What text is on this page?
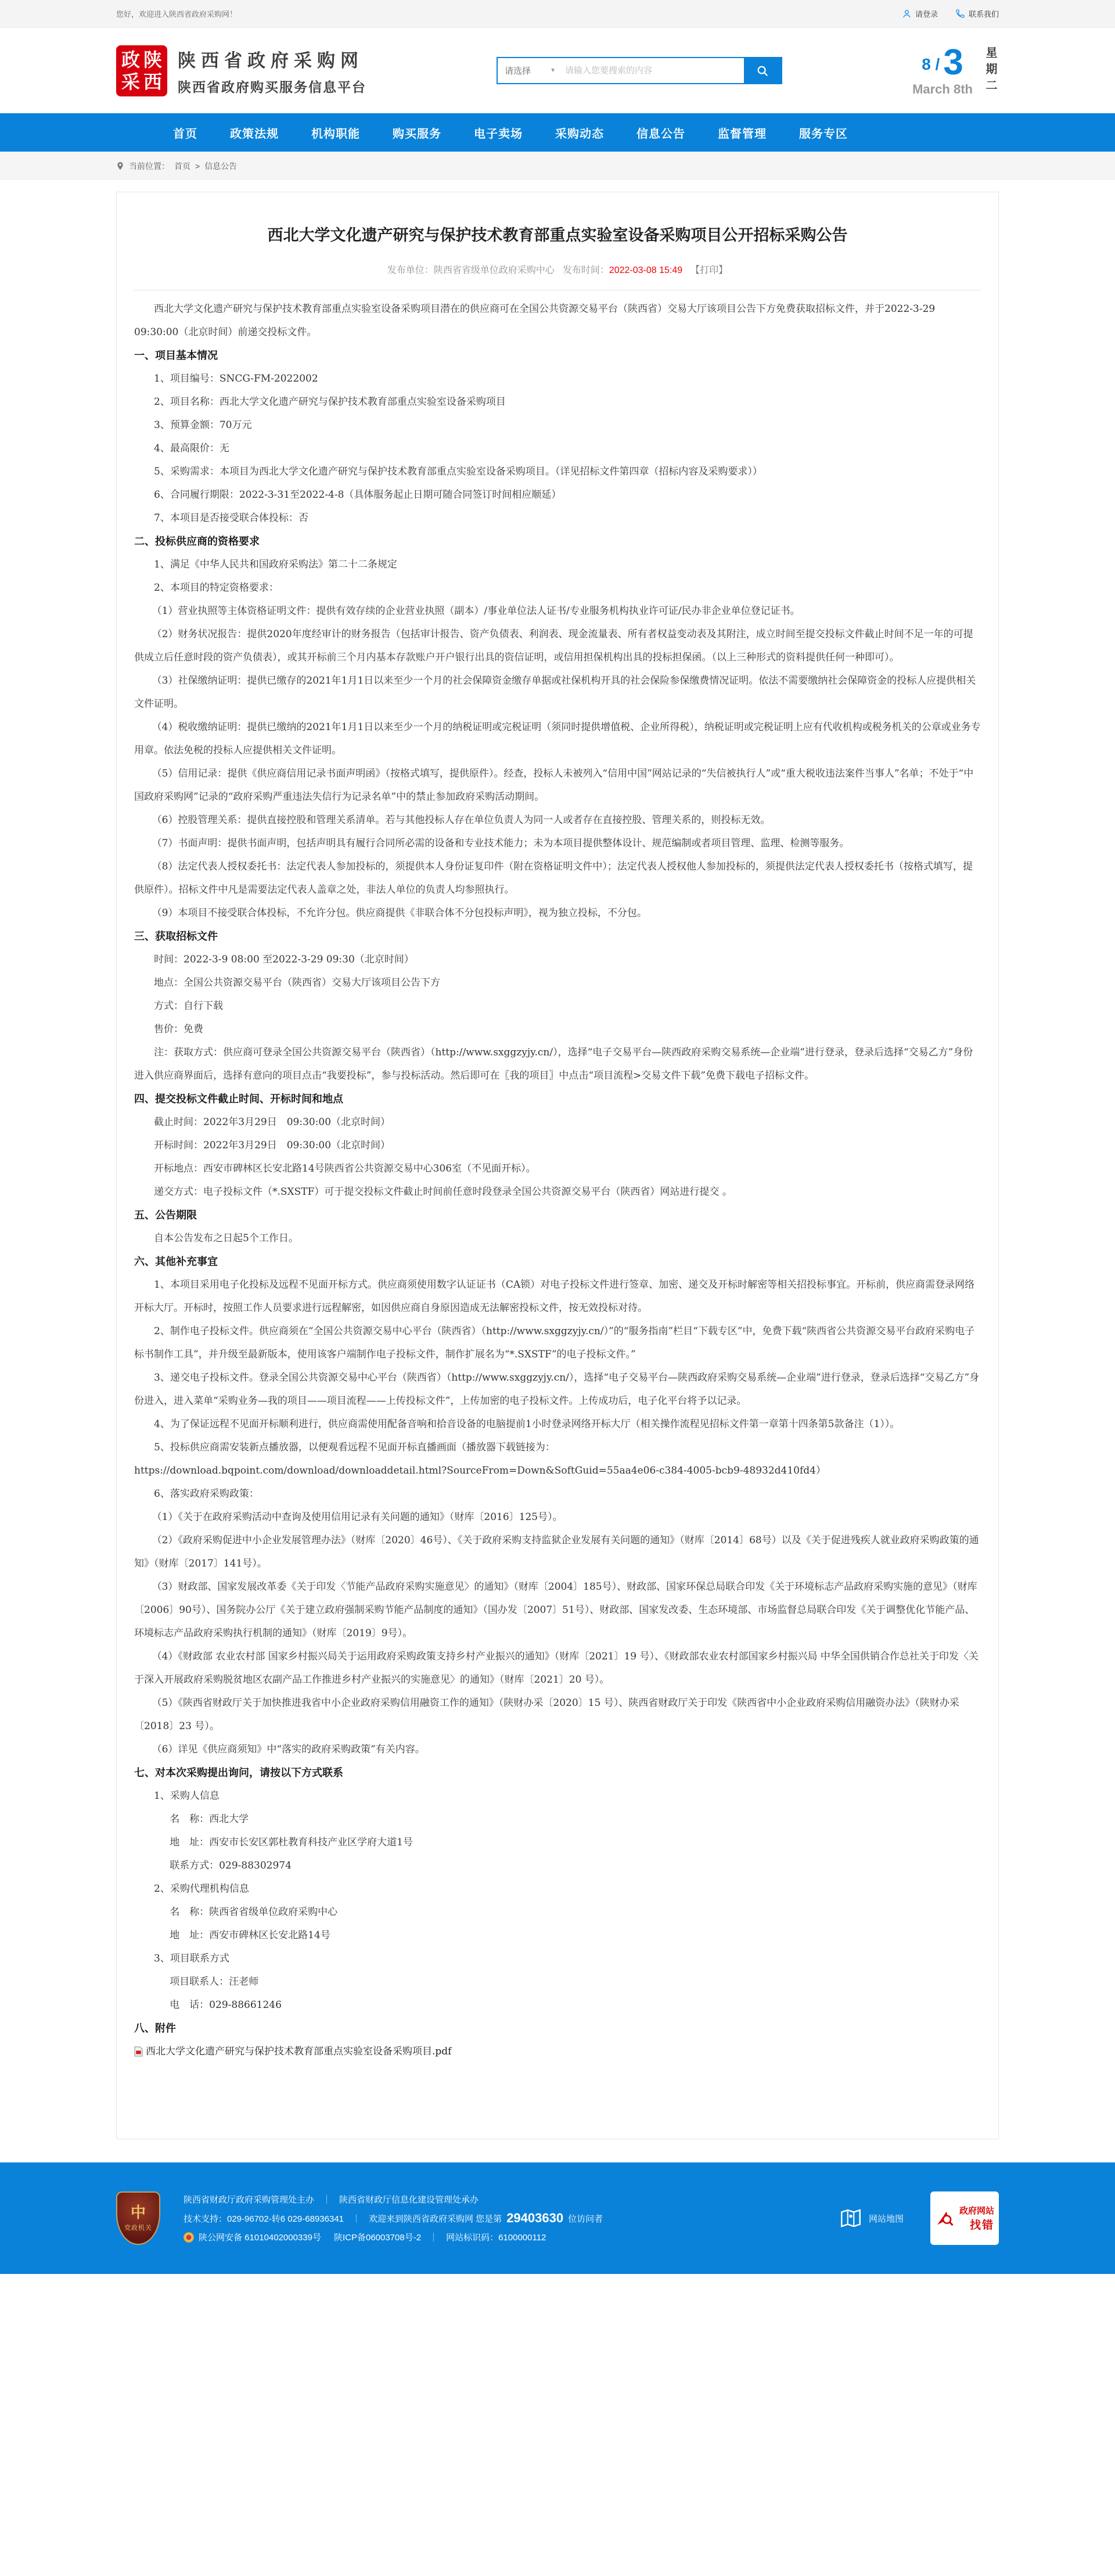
您好，欢迎进入陕西省政府采购网！	请登录	联系我们
政 陕
采 西
陕西省政府采购网
陕西省政府购买服务信息平台
请选择	▼
请输入您要搜索的内容	8 / 3
March 8th 星期二
首页	政策法规	机构职能	购买服务	电子卖场	采购动态	信息公告	监督管理	服务专区
当前位置： 首页 > 信息公告
西北大学文化遗产研究与保护技术教育部重点实验室设备采购项目公开招标采购公告
发布单位：陕西省省级单位政府采购中心 发布时间：2022-03-08 15:49 【打印】

西北大学文化遗产研究与保护技术教育部重点实验室设备采购项目潜在的供应商可在全国公共资源交易平台（陕西省）交易大厅该项目公告下方免费获取招标文件，并于2022-3-29　09:30:00（北京时间）前递交投标文件。

一、项目基本情况

1、项目编号：SNCG-FM-2022002

2、项目名称：西北大学文化遗产研究与保护技术教育部重点实验室设备采购项目

3、预算金额：70万元

4、最高限价：无

5、采购需求：本项目为西北大学文化遗产研究与保护技术教育部重点实验室设备采购项目。（详见招标文件第四章（招标内容及采购要求））

6、合同履行期限：2022-3-31至2022-4-8（具体服务起止日期可随合同签订时间相应顺延）

7、本项目是否接受联合体投标：否

二、投标供应商的资格要求

1、满足《中华人民共和国政府采购法》第二十二条规定

2、本项目的特定资格要求：

（1）营业执照等主体资格证明文件：提供有效存续的企业营业执照（副本）/事业单位法人证书/专业服务机构执业许可证/民办非企业单位登记证书。

（2）财务状况报告：提供2020年度经审计的财务报告（包括审计报告、资产负债表、利润表、现金流量表、所有者权益变动表及其附注，成立时间至提交投标文件截止时间不足一年的可提供成立后任意时段的资产负债表），或其开标前三个月内基本存款账户开户银行出具的资信证明，或信用担保机构出具的投标担保函。（以上三种形式的资料提供任何一种即可）。

（3）社保缴纳证明：提供已缴存的2021年1月1日以来至少一个月的社会保障资金缴存单据或社保机构开具的社会保险参保缴费情况证明。依法不需要缴纳社会保障资金的投标人应提供相关文件证明。

（4）税收缴纳证明：提供已缴纳的2021年1月1日以来至少一个月的纳税证明或完税证明（须同时提供增值税、企业所得税），纳税证明或完税证明上应有代收机构或税务机关的公章或业务专用章。依法免税的投标人应提供相关文件证明。

（5）信用记录：提供《供应商信用记录书面声明函》（按格式填写，提供原件）。经查，投标人未被列入“信用中国”网站记录的“失信被执行人”或“重大税收违法案件当事人”名单；不处于“中国政府采购网”记录的“政府采购严重违法失信行为记录名单”中的禁止参加政府采购活动期间。

（6）控股管理关系：提供直接控股和管理关系清单。若与其他投标人存在单位负责人为同一人或者存在直接控股、管理关系的，则投标无效。

（7）书面声明：提供书面声明，包括声明具有履行合同所必需的设备和专业技术能力；未为本项目提供整体设计、规范编制或者项目管理、监理、检测等服务。

（8）法定代表人授权委托书：法定代表人参加投标的，须提供本人身份证复印件（附在资格证明文件中）；法定代表人授权他人参加投标的，须提供法定代表人授权委托书（按格式填写，提供原件）。招标文件中凡是需要法定代表人盖章之处，非法人单位的负责人均参照执行。

（9）本项目不接受联合体投标，不允许分包。供应商提供《非联合体不分包投标声明》，视为独立投标，不分包。

三、获取招标文件

时间：2022-3-9 08:00 至2022-3-29 09:30（北京时间）

地点：全国公共资源交易平台（陕西省）交易大厅该项目公告下方

方式：自行下载

售价：免费

注：获取方式：供应商可登录全国公共资源交易平台（陕西省）（http://www.sxggzyjy.cn/），选择“电子交易平台—陕西政府采购交易系统—企业端”进行登录，登录后选择“交易乙方”身份进入供应商界面后，选择有意向的项目点击“我要投标”，参与投标活动。然后即可在〖我的项目〗中点击“项目流程>交易文件下载”免费下载电子招标文件。

四、提交投标文件截止时间、开标时间和地点

截止时间：2022年3月29日　09:30:00（北京时间）

开标时间：2022年3月29日　09:30:00（北京时间）

开标地点：西安市碑林区长安北路14号陕西省公共资源交易中心306室（不见面开标）。

递交方式：电子投标文件（*.SXSTF）可于提交投标文件截止时间前任意时段登录全国公共资源交易平台（陕西省）网站进行提交 。

五、公告期限

自本公告发布之日起5个工作日。

六、其他补充事宜

1、本项目采用电子化投标及远程不见面开标方式。供应商须使用数字认证证书（CA锁）对电子投标文件进行签章、加密、递交及开标时解密等相关招投标事宜。开标前，供应商需登录网络开标大厅。开标时，按照工作人员要求进行远程解密，如因供应商自身原因造成无法解密投标文件，按无效投标对待。

2、制作电子投标文件。供应商须在“全国公共资源交易中心平台（陕西省）（http://www.sxggzyjy.cn/）”的“服务指南”栏目“下载专区”中，免费下载“陕西省公共资源交易平台政府采购电子标书制作工具”，并升级至最新版本，使用该客户端制作电子投标文件，制作扩展名为“*.SXSTF”的电子投标文件。”

3、递交电子投标文件。登录全国公共资源交易中心平台（陕西省）（http://www.sxggzyjy.cn/），选择“电子交易平台—陕西政府采购交易系统—企业端”进行登录，登录后选择“交易乙方”身份进入，进入菜单“采购业务—我的项目——项目流程——上传投标文件”，上传加密的电子投标文件。上传成功后，电子化平台将予以记录。

4、为了保证远程不见面开标顺利进行，供应商需使用配备音响和拾音设备的电脑提前1小时登录网络开标大厅（相关操作流程见招标文件第一章第十四条第5款备注（1））。

5、投标供应商需安装新点播放器，以便观看远程不见面开标直播画面（播放器下载链接为：

https://download.bqpoint.com/download/downloaddetail.html?SourceFrom=Down&SoftGuid=55aa4e06-c384-4005-bcb9-48932d410fd4）

6、落实政府采购政策：

（1）《关于在政府采购活动中查询及使用信用记录有关问题的通知》（财库〔2016〕125号）。

（2）《政府采购促进中小企业发展管理办法》（财库〔2020〕46号）、《关于政府采购支持监狱企业发展有关问题的通知》（财库〔2014〕68号）以及《关于促进残疾人就业政府采购政策的通知》（财库〔2017〕141号）。

（3）财政部、国家发展改革委《关于印发〈节能产品政府采购实施意见〉的通知》（财库〔2004〕185号）、财政部、国家环保总局联合印发《关于环境标志产品政府采购实施的意见》（财库〔2006〕90号）、国务院办公厅《关于建立政府强制采购节能产品制度的通知》（国办发〔2007〕51号）、财政部、国家发改委、生态环境部、市场监督总局联合印发《关于调整优化节能产品、环境标志产品政府采购执行机制的通知》（财库〔2019〕9号）。

（4）《财政部 农业农村部 国家乡村振兴局关于运用政府采购政策支持乡村产业振兴的通知》（财库〔2021〕19 号）、《财政部农业农村部国家乡村振兴局 中华全国供销合作总社关于印发〈关于深入开展政府采购脱贫地区农副产品工作推进乡村产业振兴的实施意见〉的通知》（财库〔2021〕20 号）。

（5）《陕西省财政厅关于加快推进我省中小企业政府采购信用融资工作的通知》（陕财办采〔2020〕15 号）、陕西省财政厅关于印发《陕西省中小企业政府采购信用融资办法》（陕财办采〔2018〕23 号）。

（6）详见《供应商须知》中“落实的政府采购政策”有关内容。

七、对本次采购提出询问，请按以下方式联系

1、采购人信息

名　称：西北大学

地　址：西安市长安区郭杜教育科技产业区学府大道1号

联系方式：029-88302974

2、采购代理机构信息

名　称：陕西省省级单位政府采购中心

地　址：西安市碑林区长安北路14号

3、项目联系方式

项目联系人：汪老师

电　话：029-88661246

八、附件

西北大学文化遗产研究与保护技术教育部重点实验室设备采购项目.pdf
中
党政机关
陕西省财政厅政府采购管理处主办 ｜ 陕西省财政厅信息化建设管理处承办
技术支持：029-96702-转6 029-68936341 ｜ 欢迎来到陕西省政府采购网 您是第 29403630 位访问者
陕公网安备 61010402000339号 陕ICP备06003708号-2 ｜ 网站标识码：6100000112
网站地图
政府网站
找错
